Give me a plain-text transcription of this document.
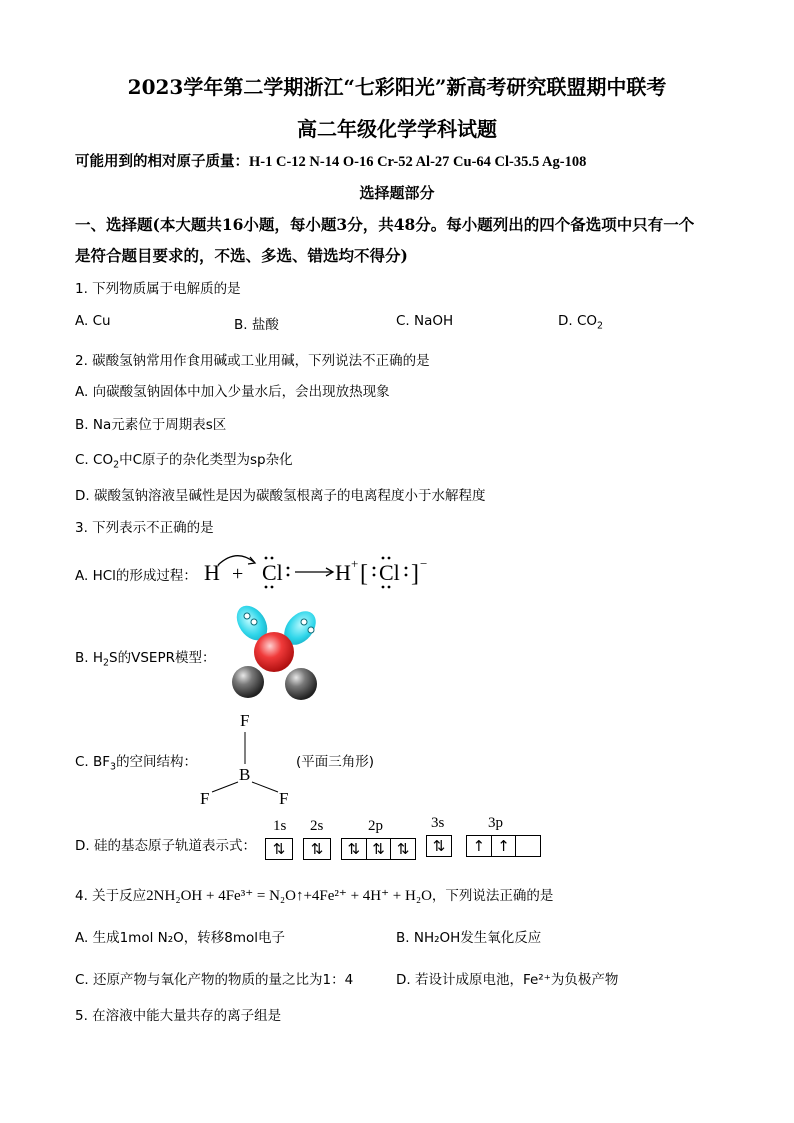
2023学年第二学期浙江“七彩阳光”新高考研究联盟期中联考
高二年级化学学科试题
可能用到的相对原子质量：H-1 C-12 N-14 O-16 Cr-52 Al-27 Cu-64 Cl-35.5 Ag-108
选择题部分
一、选择题(本大题共16小题，每小题3分，共48分。每小题列出的四个备选项中只有一个
是符合题目要求的，不选、多选、错选均不得分)
1. 下列物质属于电解质的是
A. Cu	B. 盐酸	C. NaOH	D. $CO_2$
2. 碳酸氢钠常用作食用碱或工业用碱，下列说法不正确的是
A. 向碳酸氢钠固体中加入少量水后，会出现放热现象
B. Na元素位于周期表s区
C. $CO_2$中C原子的杂化类型为sp杂化
D. 碳酸氢钠溶液呈碱性是因为碳酸氢根离子的电离程度小于水解程度
3. 下列表示不正确的是
A. HCl的形成过程： H + Cl H + [ Cl ] −
B. $H_2S$的VSEPR模型：
C. $BF_3$的空间结构：
F
B
F	F
(平面三角形)
D. 硅的基态原子轨道表示式：
1s 2s	2p	3s	3p
⇅	⇅	⇅ ⇅ ⇅	⇅	↑ ↑
4. 关于反应2NH₂OH + 4Fe³⁺ = N₂O↑+4Fe²⁺ + 4H⁺ + H₂O，下列说法正确的是
A. 生成1mol N₂O，转移8mol电子	B. NH₂OH发生氧化反应
C. 还原产物与氧化产物的物质的量之比为1：4	D. 若设计成原电池，Fe²⁺为负极产物
5. 在溶液中能大量共存的离子组是
